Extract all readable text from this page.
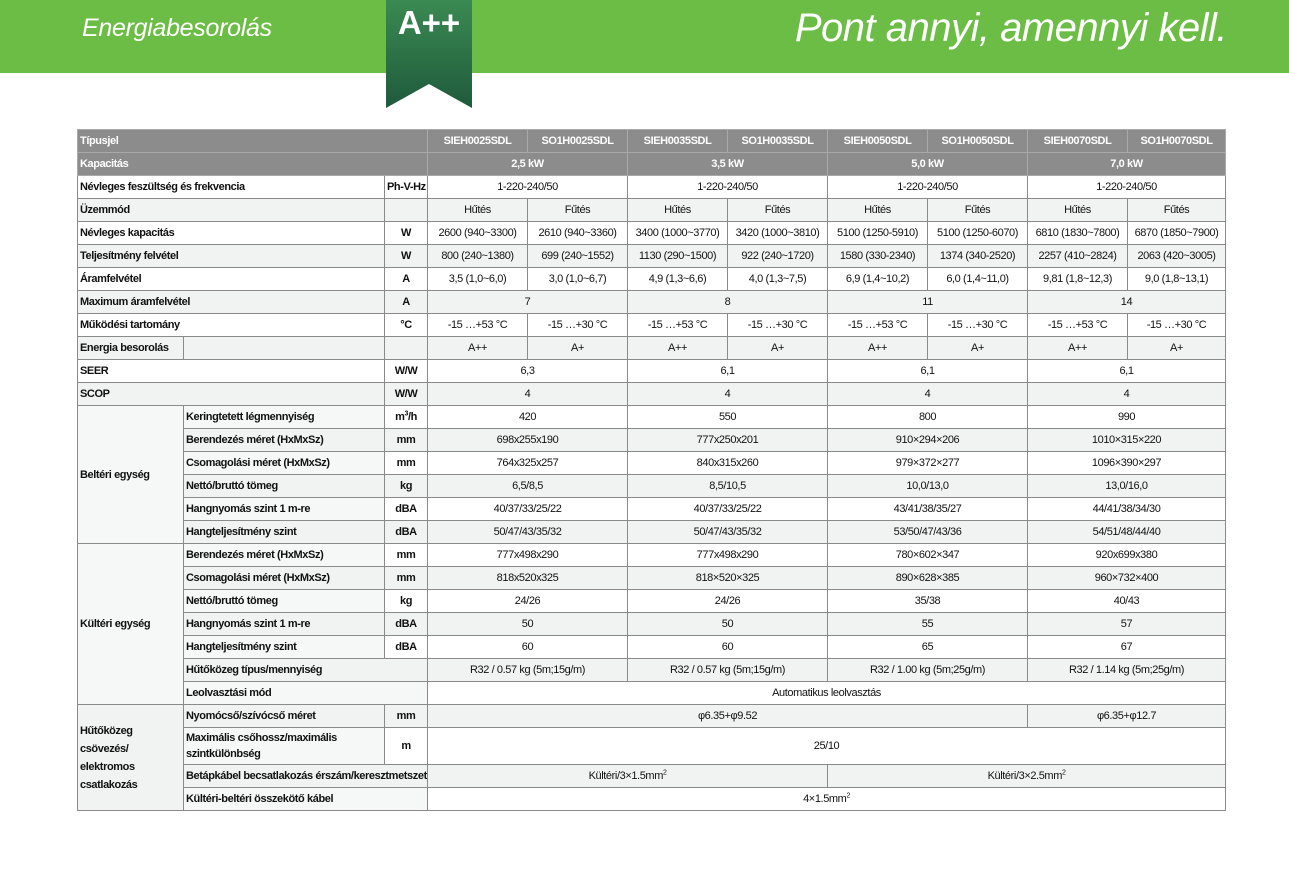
Energiabesorolás	Pont annyi, amennyi kell.
A++
Típusjel			SIEH0025SDL	SO1H0025SDL	SIEH0035SDL	SO1H0035SDL	SIEH0050SDL	SO1H0050SDL	SIEH0070SDL	SO1H0070SDL
Kapacitás			2,5 kW		3,5 kW		5,0 kW		7,0 kW	
Névleges feszültség és frekvencia		Ph-V-Hz	1-220-240/50		1-220-240/50		1-220-240/50		1-220-240/50	
Üzemmód			Hűtés	Fűtés	Hűtés	Fűtés	Hűtés	Fűtés	Hűtés	Fűtés
Névleges kapacitás		W	2600 (940~3300)	2610 (940~3360)	3400 (1000~3770)	3420 (1000~3810)	5100 (1250-5910)	5100 (1250-6070)	6810 (1830~7800)	6870 (1850~7900)
Teljesítmény felvétel		W	800 (240~1380)	699 (240~1552)	1130 (290~1500)	922 (240~1720)	1580 (330-2340)	1374 (340-2520)	2257 (410~2824)	2063 (420~3005)
Áramfelvétel		A	3,5 (1,0~6,0)	3,0 (1,0~6,7)	4,9 (1,3~6,6)	4,0 (1,3~7,5)	6,9 (1,4~10,2)	6,0 (1,4~11,0)	9,81 (1,8~12,3)	9,0 (1,8~13,1)
Maximum áramfelvétel		A	7		8		11		14	
Működési tartomány		°C	-15 …+53 °C	-15 …+30 °C	-15 …+53 °C	-15 …+30 °C	-15 …+53 °C	-15 …+30 °C	-15 …+53 °C	-15 …+30 °C
Energia besorolás			A++	A+	A++	A+	A++	A+	A++	A+
SEER		W/W	6,3		6,1		6,1		6,1	
SCOP		W/W	4		4		4		4	
Beltéri egység	Keringtetett légmennyiség	$m^3/h$	420		550		800		990	
	Berendezés méret (HxMxSz)	mm	698x255x190		777x250x201		910×294×206		1010×315×220	
	Csomagolási méret (HxMxSz)	mm	764x325x257		840x315x260		979×372×277		1096×390×297	
	Nettó/bruttó tömeg	kg	6,5/8,5		8,5/10,5		10,0/13,0		13,0/16,0	
	Hangnyomás szint 1 m-re	dBA	40/37/33/25/22		40/37/33/25/22		43/41/38/35/27		44/41/38/34/30	
	Hangteljesítmény szint	dBA	50/47/43/35/32		50/47/43/35/32		53/50/47/43/36		54/51/48/44/40	
Kültéri egység	Berendezés méret (HxMxSz)	mm	777x498x290		777x498x290		780×602×347		920x699x380	
	Csomagolási méret (HxMxSz)	mm	818x520x325		818×520×325		890×628×385		960×732×400	
	Nettó/bruttó tömeg	kg	24/26		24/26		35/38		40/43	
	Hangnyomás szint 1 m-re	dBA	50		50		55		57	
	Hangteljesítmény szint	dBA	60		60		65		67	
	Hűtőközeg típus/mennyiség		R32 / 0.57 kg (5m;15g/m)		R32 / 0.57 kg (5m;15g/m)		R32 / 1.00 kg (5m;25g/m)		R32 / 1.14 kg (5m;25g/m)	
	Leolvasztási mód		Automatikus leolvasztás							
Hűtőközeg csövezés/ elektromos csatlakozás	Nyomócső/szívócső méret	mm	φ6.35+φ9.52						φ6.35+φ12.7	
	Maximális csőhossz/maximális szintkülönbség	m	25/10							
	Betápkábel becsatlakozás érszám/keresztmetszet		Kültéri/$3\times 1.5mm^2$				Kültéri/$3\times 2.5mm^2$
	Kültéri-beltéri összekötő kábel		$4\times 1.5mm^2$
